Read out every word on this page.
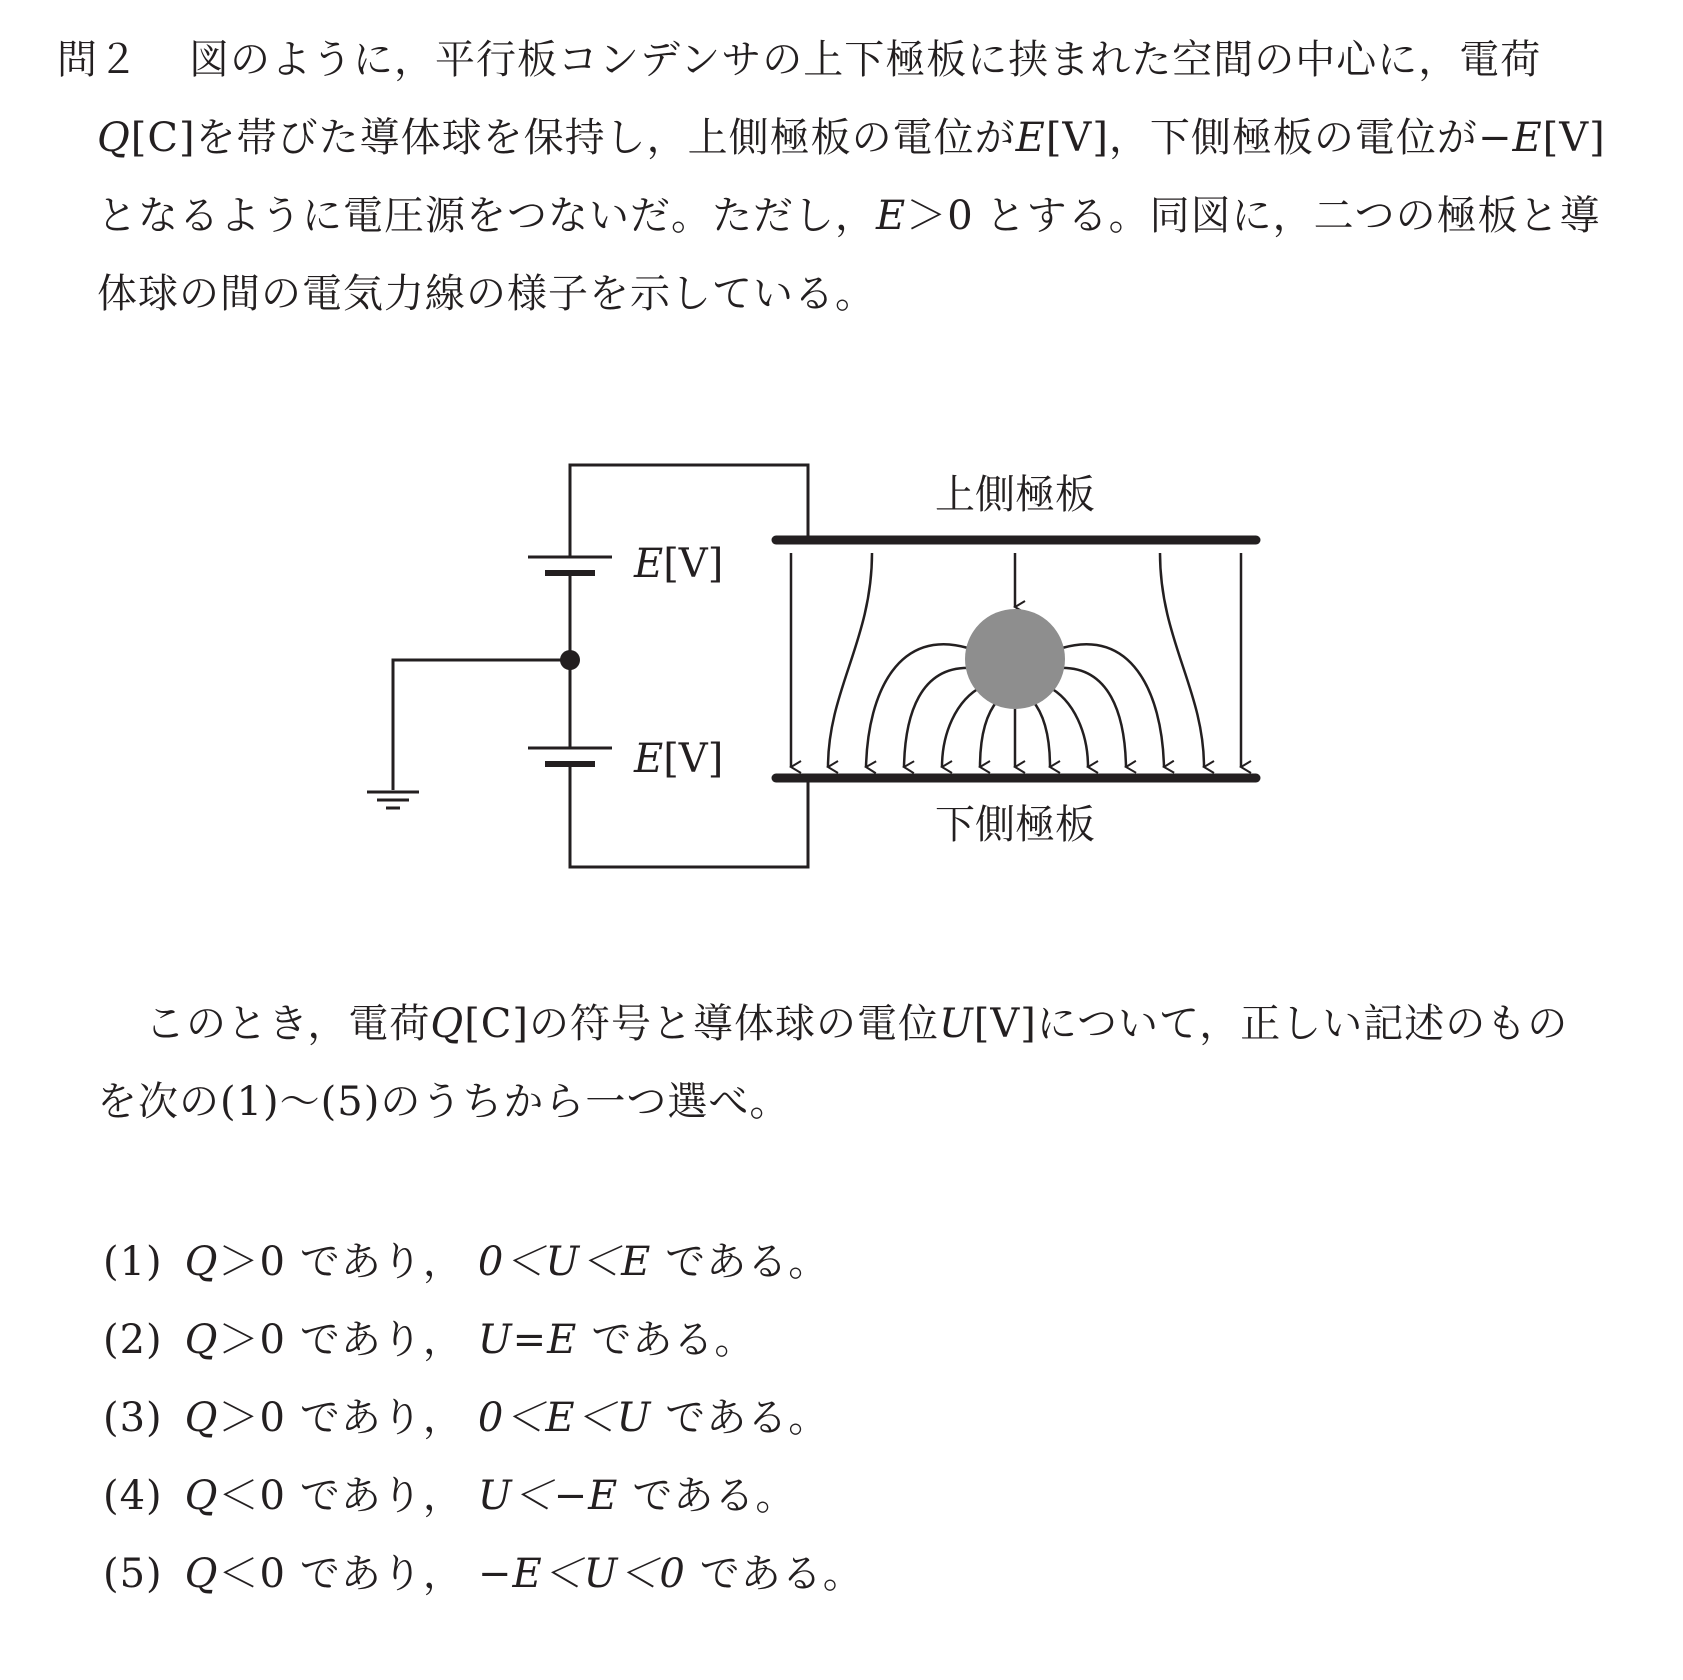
問２ 図のように，平行板コンデンサの上下極板に挟まれた空間の中心に，電荷
Q[C]を帯びた導体球を保持し，上側極板の電位がE[V]，下側極板の電位が−E[V]
となるように電圧源をつないだ。ただし，E＞0 とする。同図に，二つの極板と導
体球の間の電気力線の様子を示している。
上側極板
下側極板
E[V]
E[V]
このとき，電荷Q[C]の符号と導体球の電位U[V]について，正しい記述のもの
を次の(1)～(5)のうちから一つ選べ。
(1) Q＞0 であり， 0＜U＜E である。
(2) Q＞0 であり， U=E である。
(3) Q＞0 であり， 0＜E＜U である。
(4) Q＜0 であり， U＜−E である。
(5) Q＜0 であり， −E＜U＜0 である。
